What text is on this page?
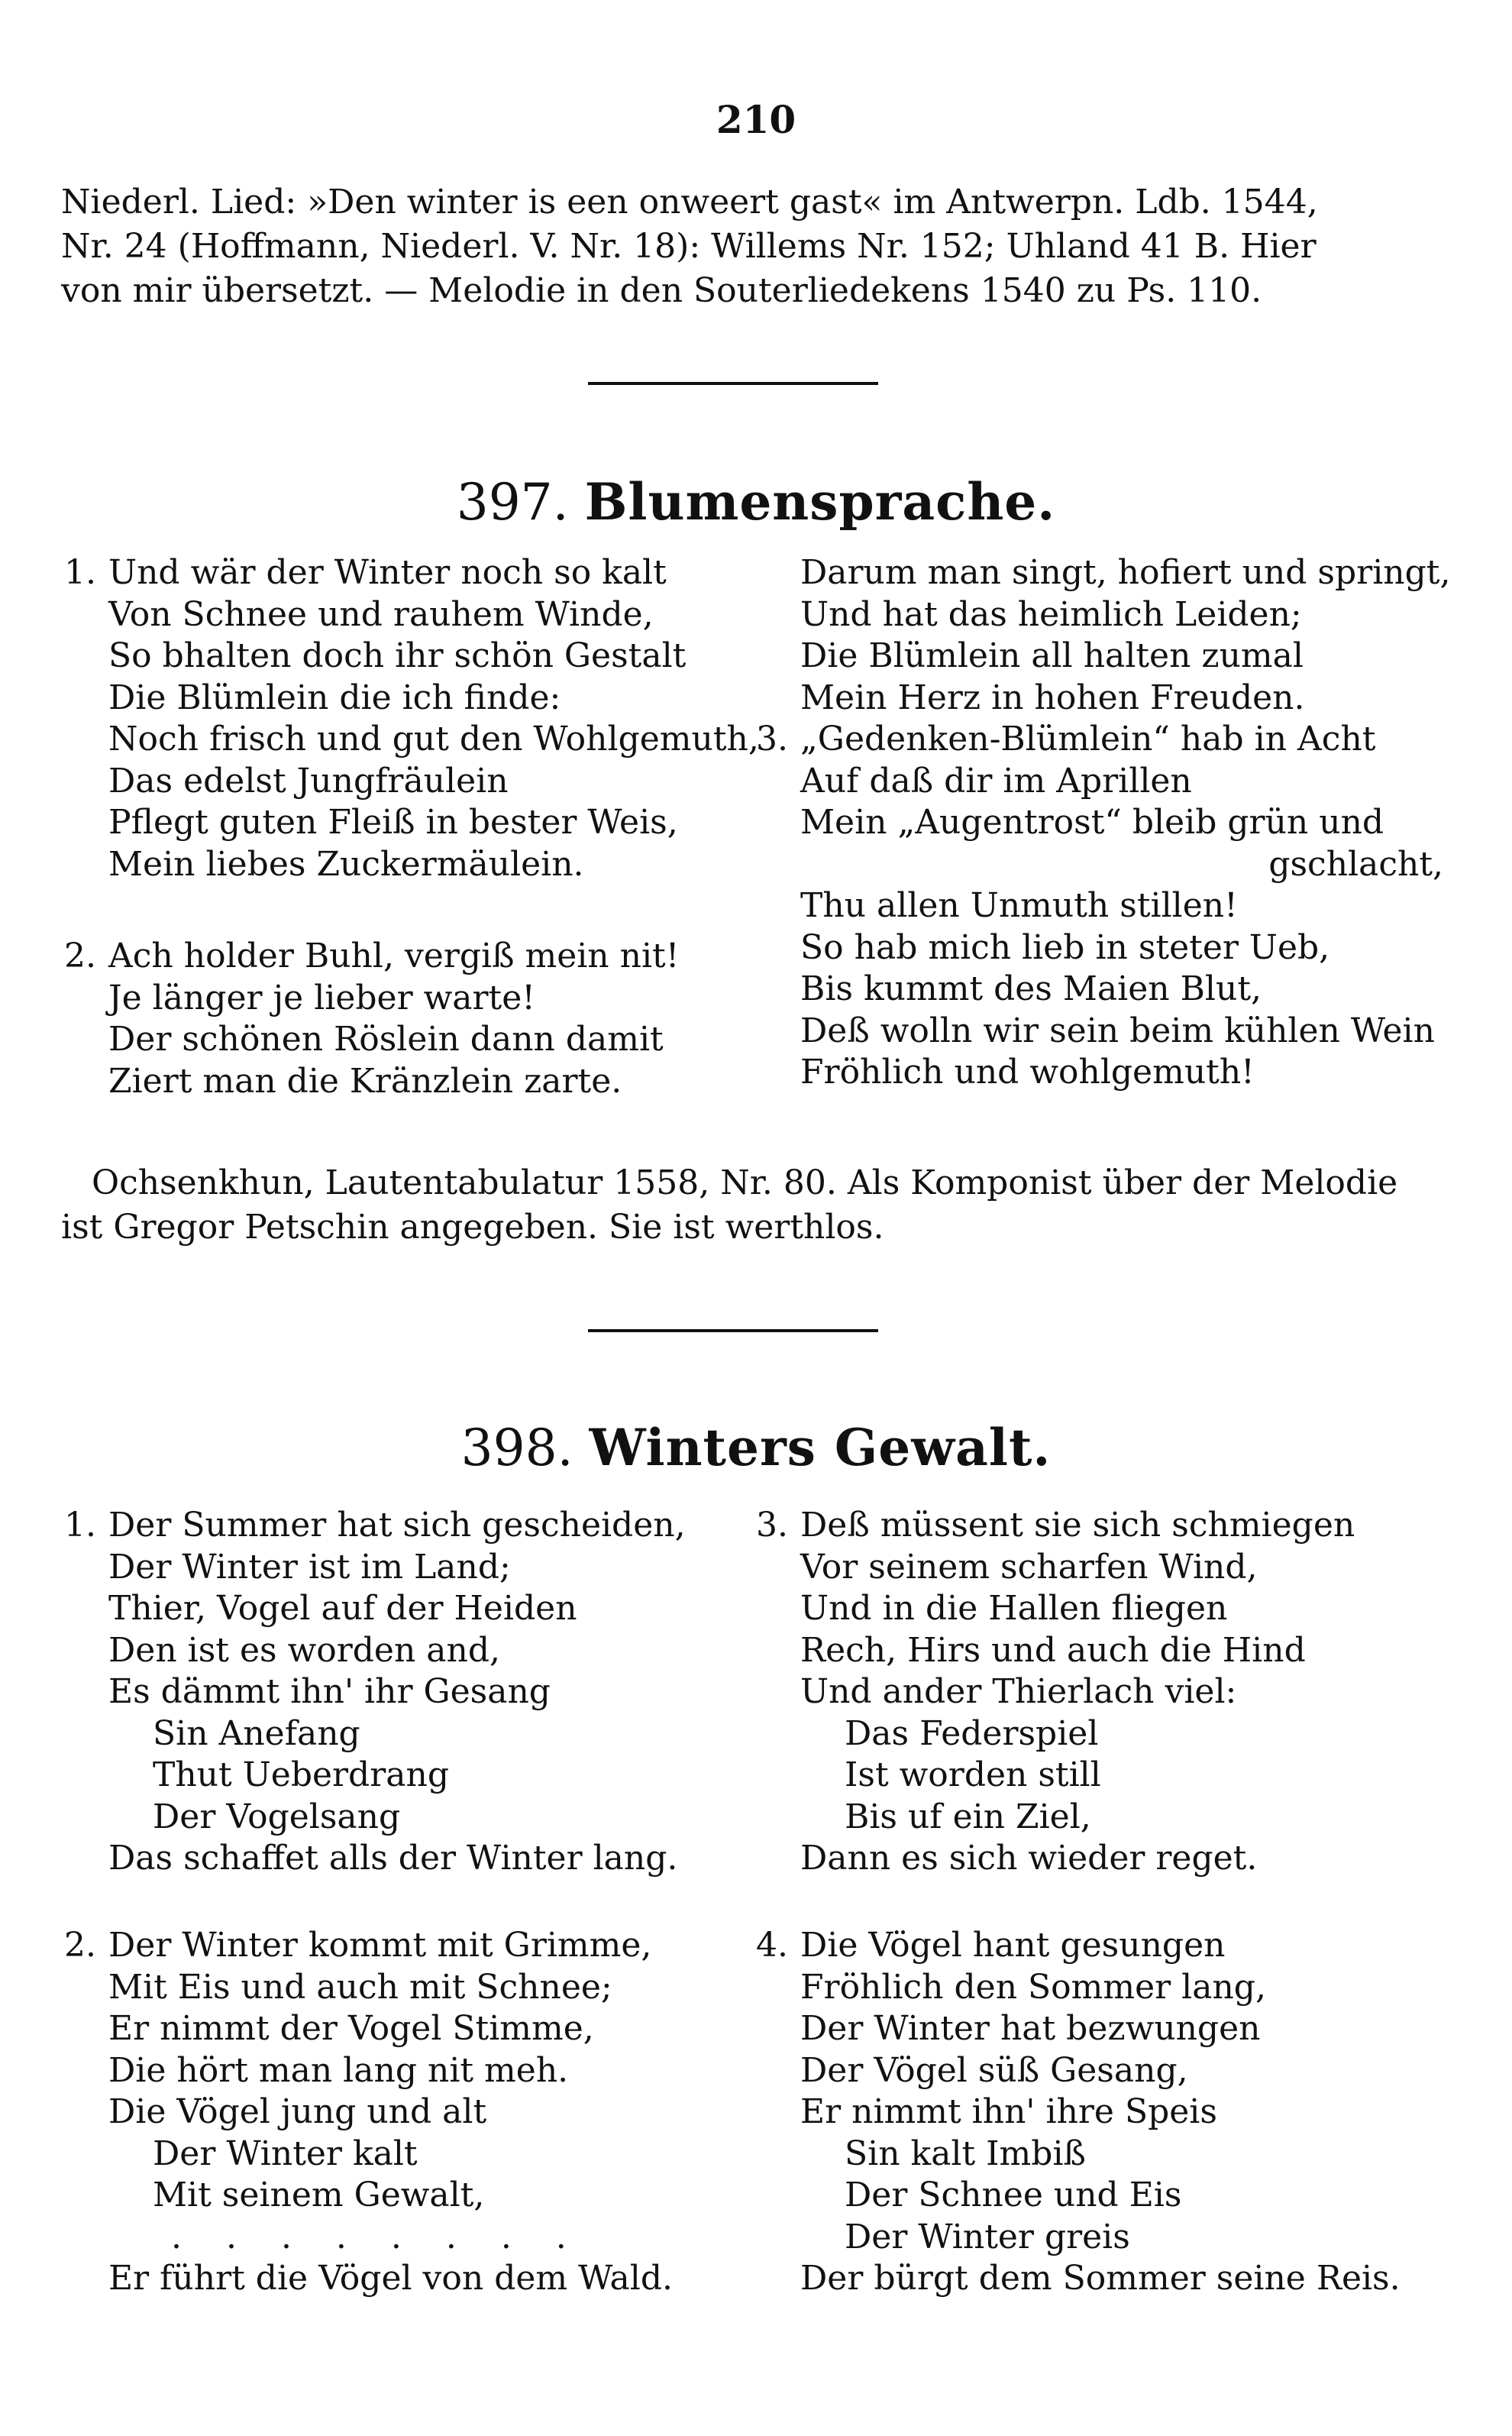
210

Niederl. Lied: »Den winter is een onweert gast« im Antwerpn. Ldb. 1544,
Nr. 24 (Hoffmann, Niederl. V. Nr. 18): Willems Nr. 152; Uhland 41 B. Hier
von mir übersetzt. — Melodie in den Souterliedekens 1540 zu Ps. 110.

397. Blumensprache.
1. Und wär der Winter noch so kalt
Von Schnee und rauhem Winde,
So bhalten doch ihr schön Gestalt
Die Blümlein die ich finde:
Noch frisch und gut den Wohlgemuth,
Das edelst Jungfräulein
Pflegt guten Fleiß in bester Weis,
Mein liebes Zuckermäulein.
2. Ach holder Buhl, vergiß mein nit!
Je länger je lieber warte!
Der schönen Röslein dann damit
Ziert man die Kränzlein zarte.
Darum man singt, hofiert und springt,
Und hat das heimlich Leiden;
Die Blümlein all halten zumal
Mein Herz in hohen Freuden.
3. „Gedenken-Blümlein“ hab in Acht
Auf daß dir im Aprillen
Mein „Augentrost“ bleib grün und
gschlacht,
Thu allen Unmuth stillen!
So hab mich lieb in steter Ueb,
Bis kummt des Maien Blut,
Deß wolln wir sein beim kühlen Wein
Fröhlich und wohlgemuth!

Ochsenkhun, Lautentabulatur 1558, Nr. 80. Als Komponist über der Melodie
ist Gregor Petschin angegeben. Sie ist werthlos.

398. Winters Gewalt.
1. Der Summer hat sich gescheiden,
Der Winter ist im Land;
Thier, Vogel auf der Heiden
Den ist es worden and,
Es dämmt ihn' ihr Gesang
Sin Anefang
Thut Ueberdrang
Der Vogelsang
Das schaffet alls der Winter lang.
3. Deß müssent sie sich schmiegen
Vor seinem scharfen Wind,
Und in die Hallen fliegen
Rech, Hirs und auch die Hind
Und ander Thierlach viel:
Das Federspiel
Ist worden still
Bis uf ein Ziel,
Dann es sich wieder reget.
2. Der Winter kommt mit Grimme,
Mit Eis und auch mit Schnee;
Er nimmt der Vogel Stimme,
Die hört man lang nit meh.
Die Vögel jung und alt
Der Winter kalt
Mit seinem Gewalt,
. . . . . . . .
Er führt die Vögel von dem Wald.
4. Die Vögel hant gesungen
Fröhlich den Sommer lang,
Der Winter hat bezwungen
Der Vögel süß Gesang,
Er nimmt ihn' ihre Speis
Sin kalt Imbiß
Der Schnee und Eis
Der Winter greis
Der bürgt dem Sommer seine Reis.
